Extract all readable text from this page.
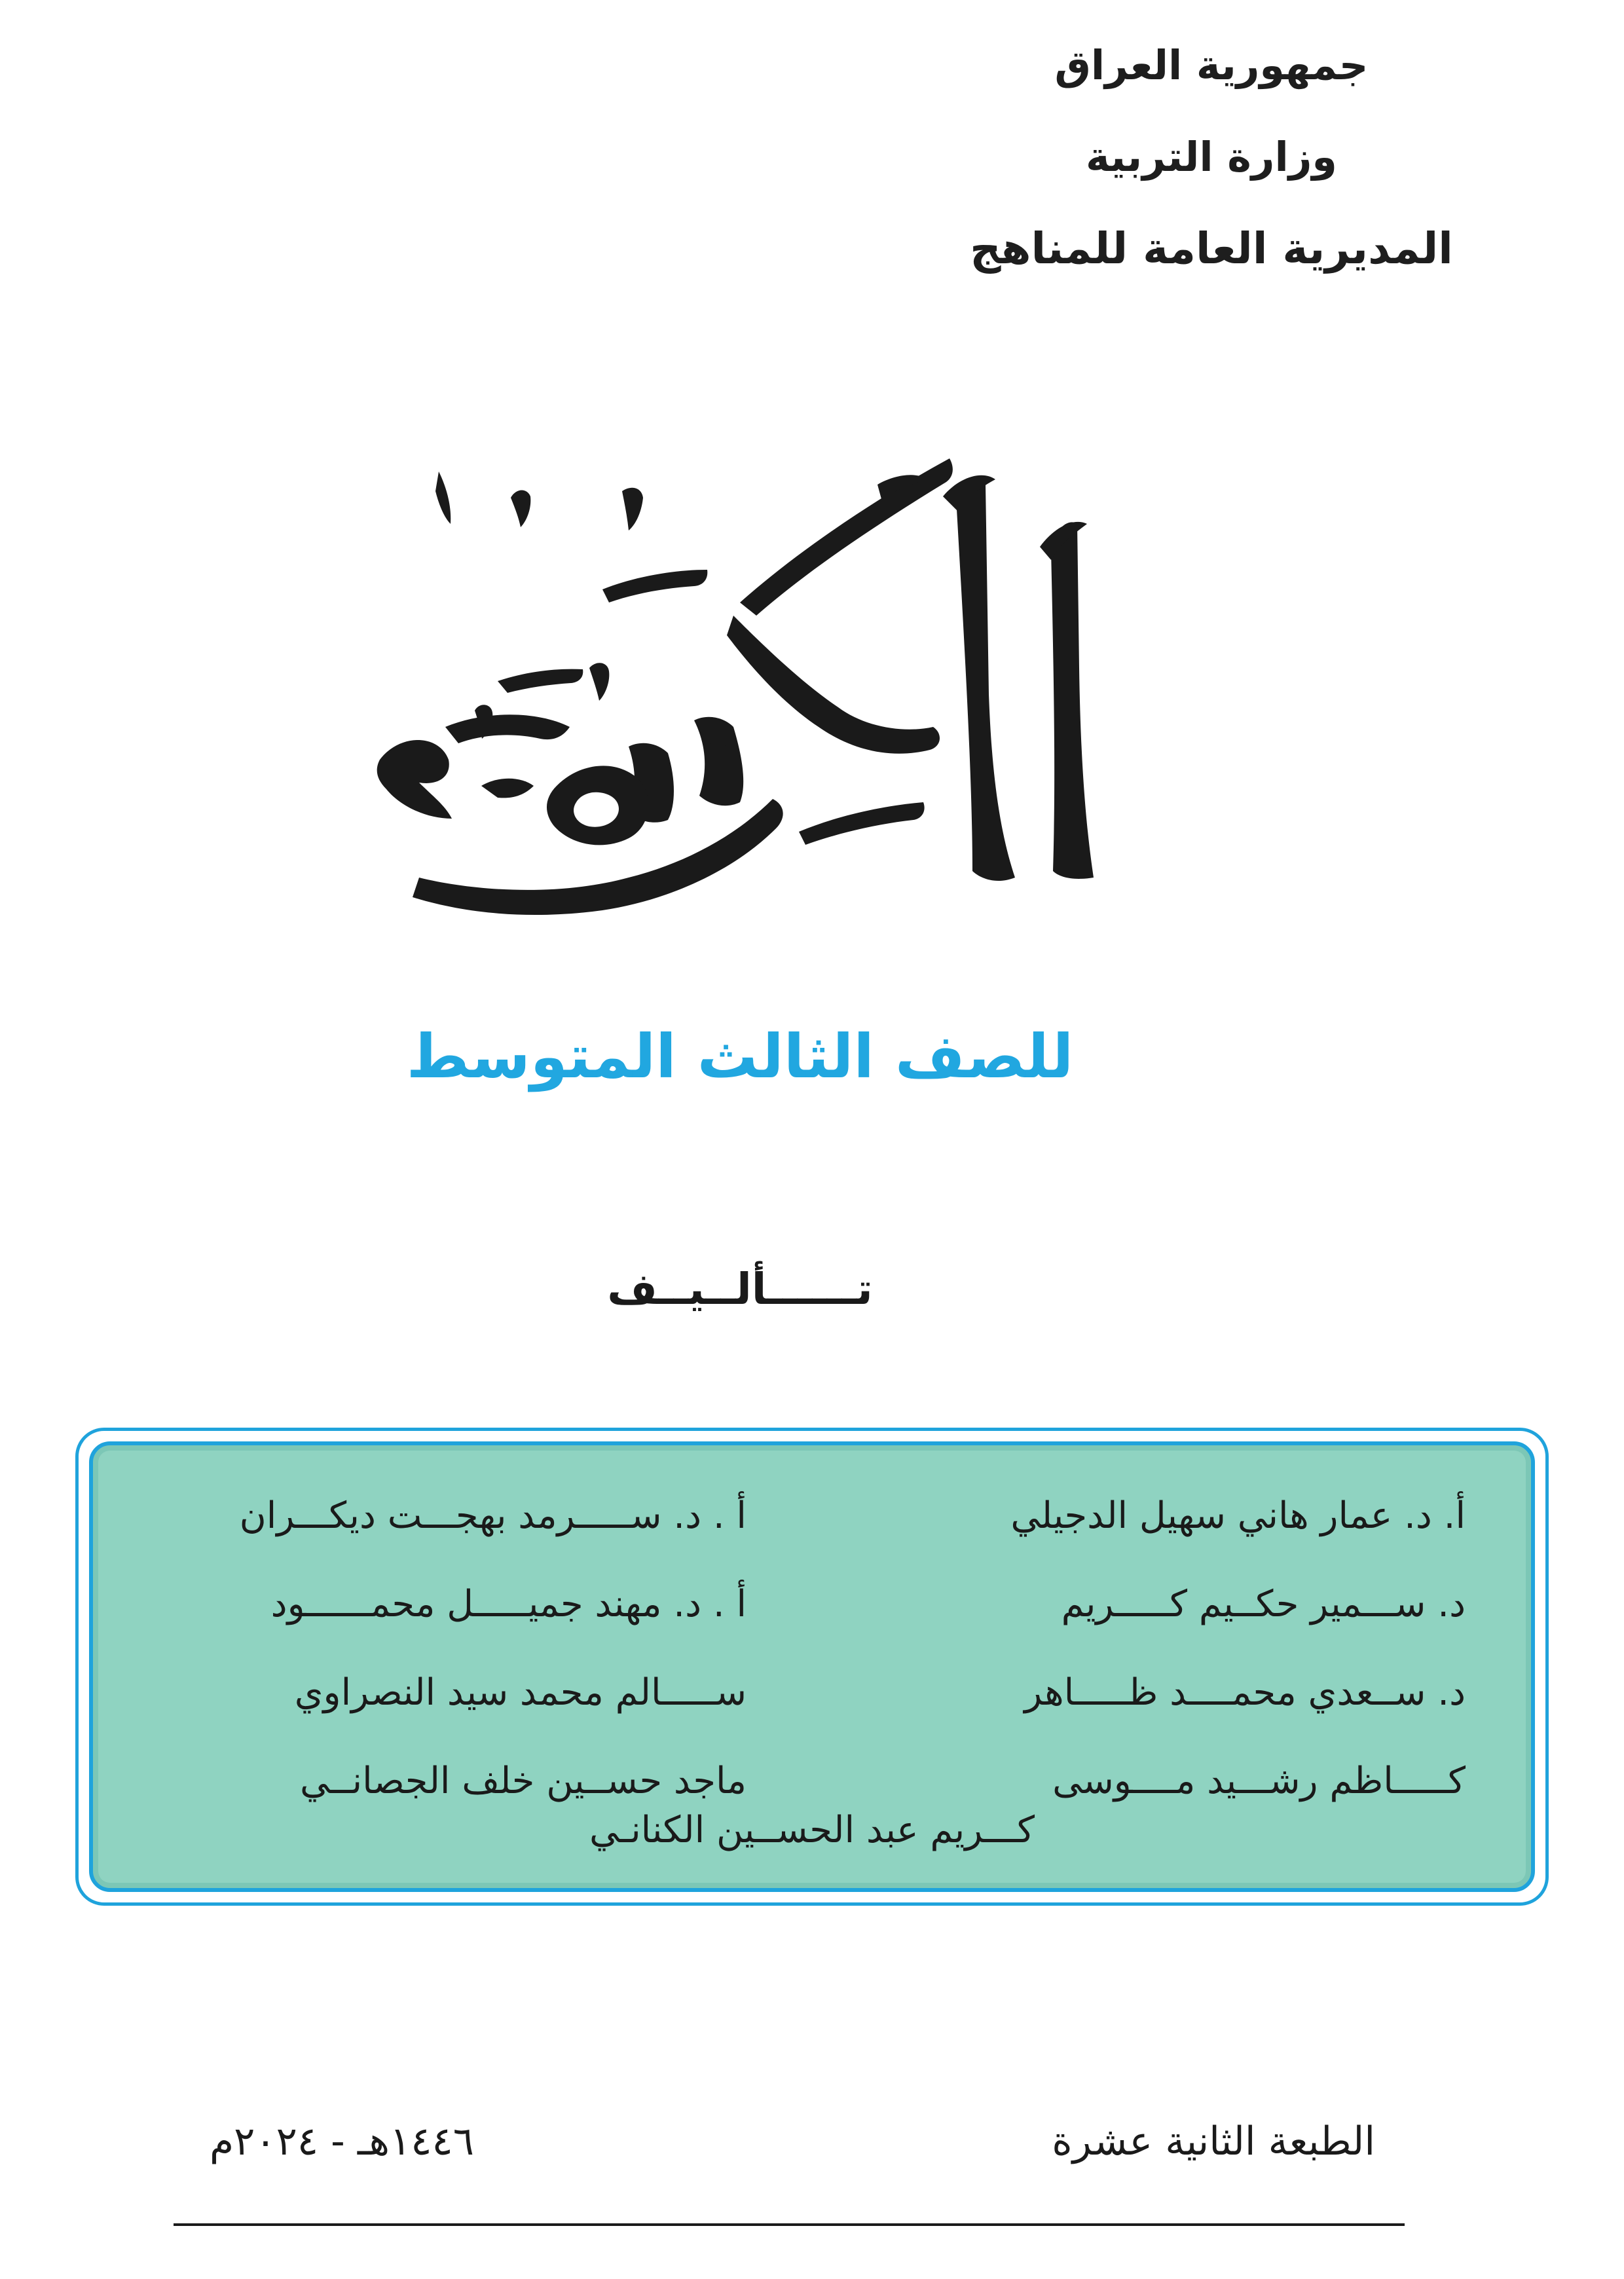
جمهورية العراق
وزارة التربية
المديرية العامة للمناهج
للصف الثالث المتوسط
تــــــألــيــف
أ. د. عمار هاني سهيل الدجيلي
أ . د. ســـــرمد بهجـــت ديكـــران
د. ســـمير حكــيم كـــــريم
أ . د. مهند جميـــــل محمــــــود
د. ســعدي محمــــد ظـــــاهر
ســـــالم محمد سيد النصراوي
كـــــاظم رشـــيد مــــوسى
ماجد حســين خلف الجصانــي
كـــريم عبد الحســين الكنانـي
الطبعة الثانية عشرة
١٤٤٦هـ - ٢٠٢٤م
